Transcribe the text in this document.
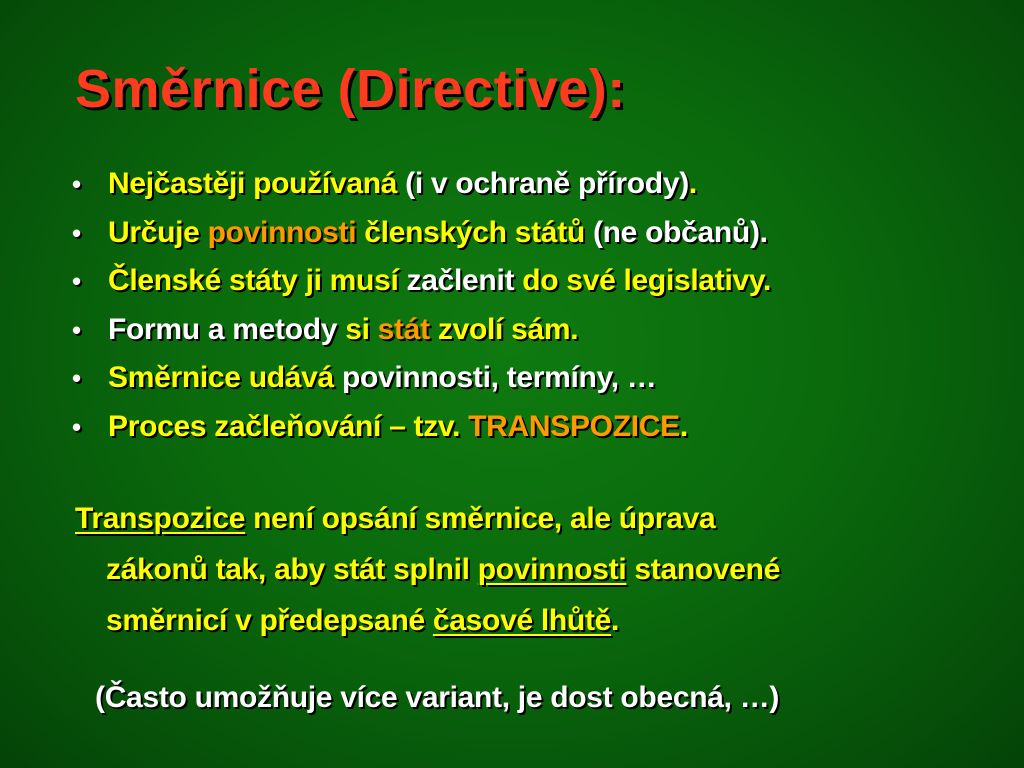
Směrnice (Directive):
• Nejčastěji používaná (i v ochraně přírody).
• Určuje povinnosti členských států (ne občanů).
• Členské státy ji musí začlenit do své legislativy.
• Formu a metody si stát zvolí sám.
• Směrnice udává povinnosti, termíny, …
• Proces začleňování – tzv. TRANSPOZICE.
Transpozice není opsání směrnice, ale úprava
zákonů tak, aby stát splnil povinnosti stanovené
směrnicí v předepsané časové lhůtě.
(Často umožňuje více variant, je dost obecná, …)
